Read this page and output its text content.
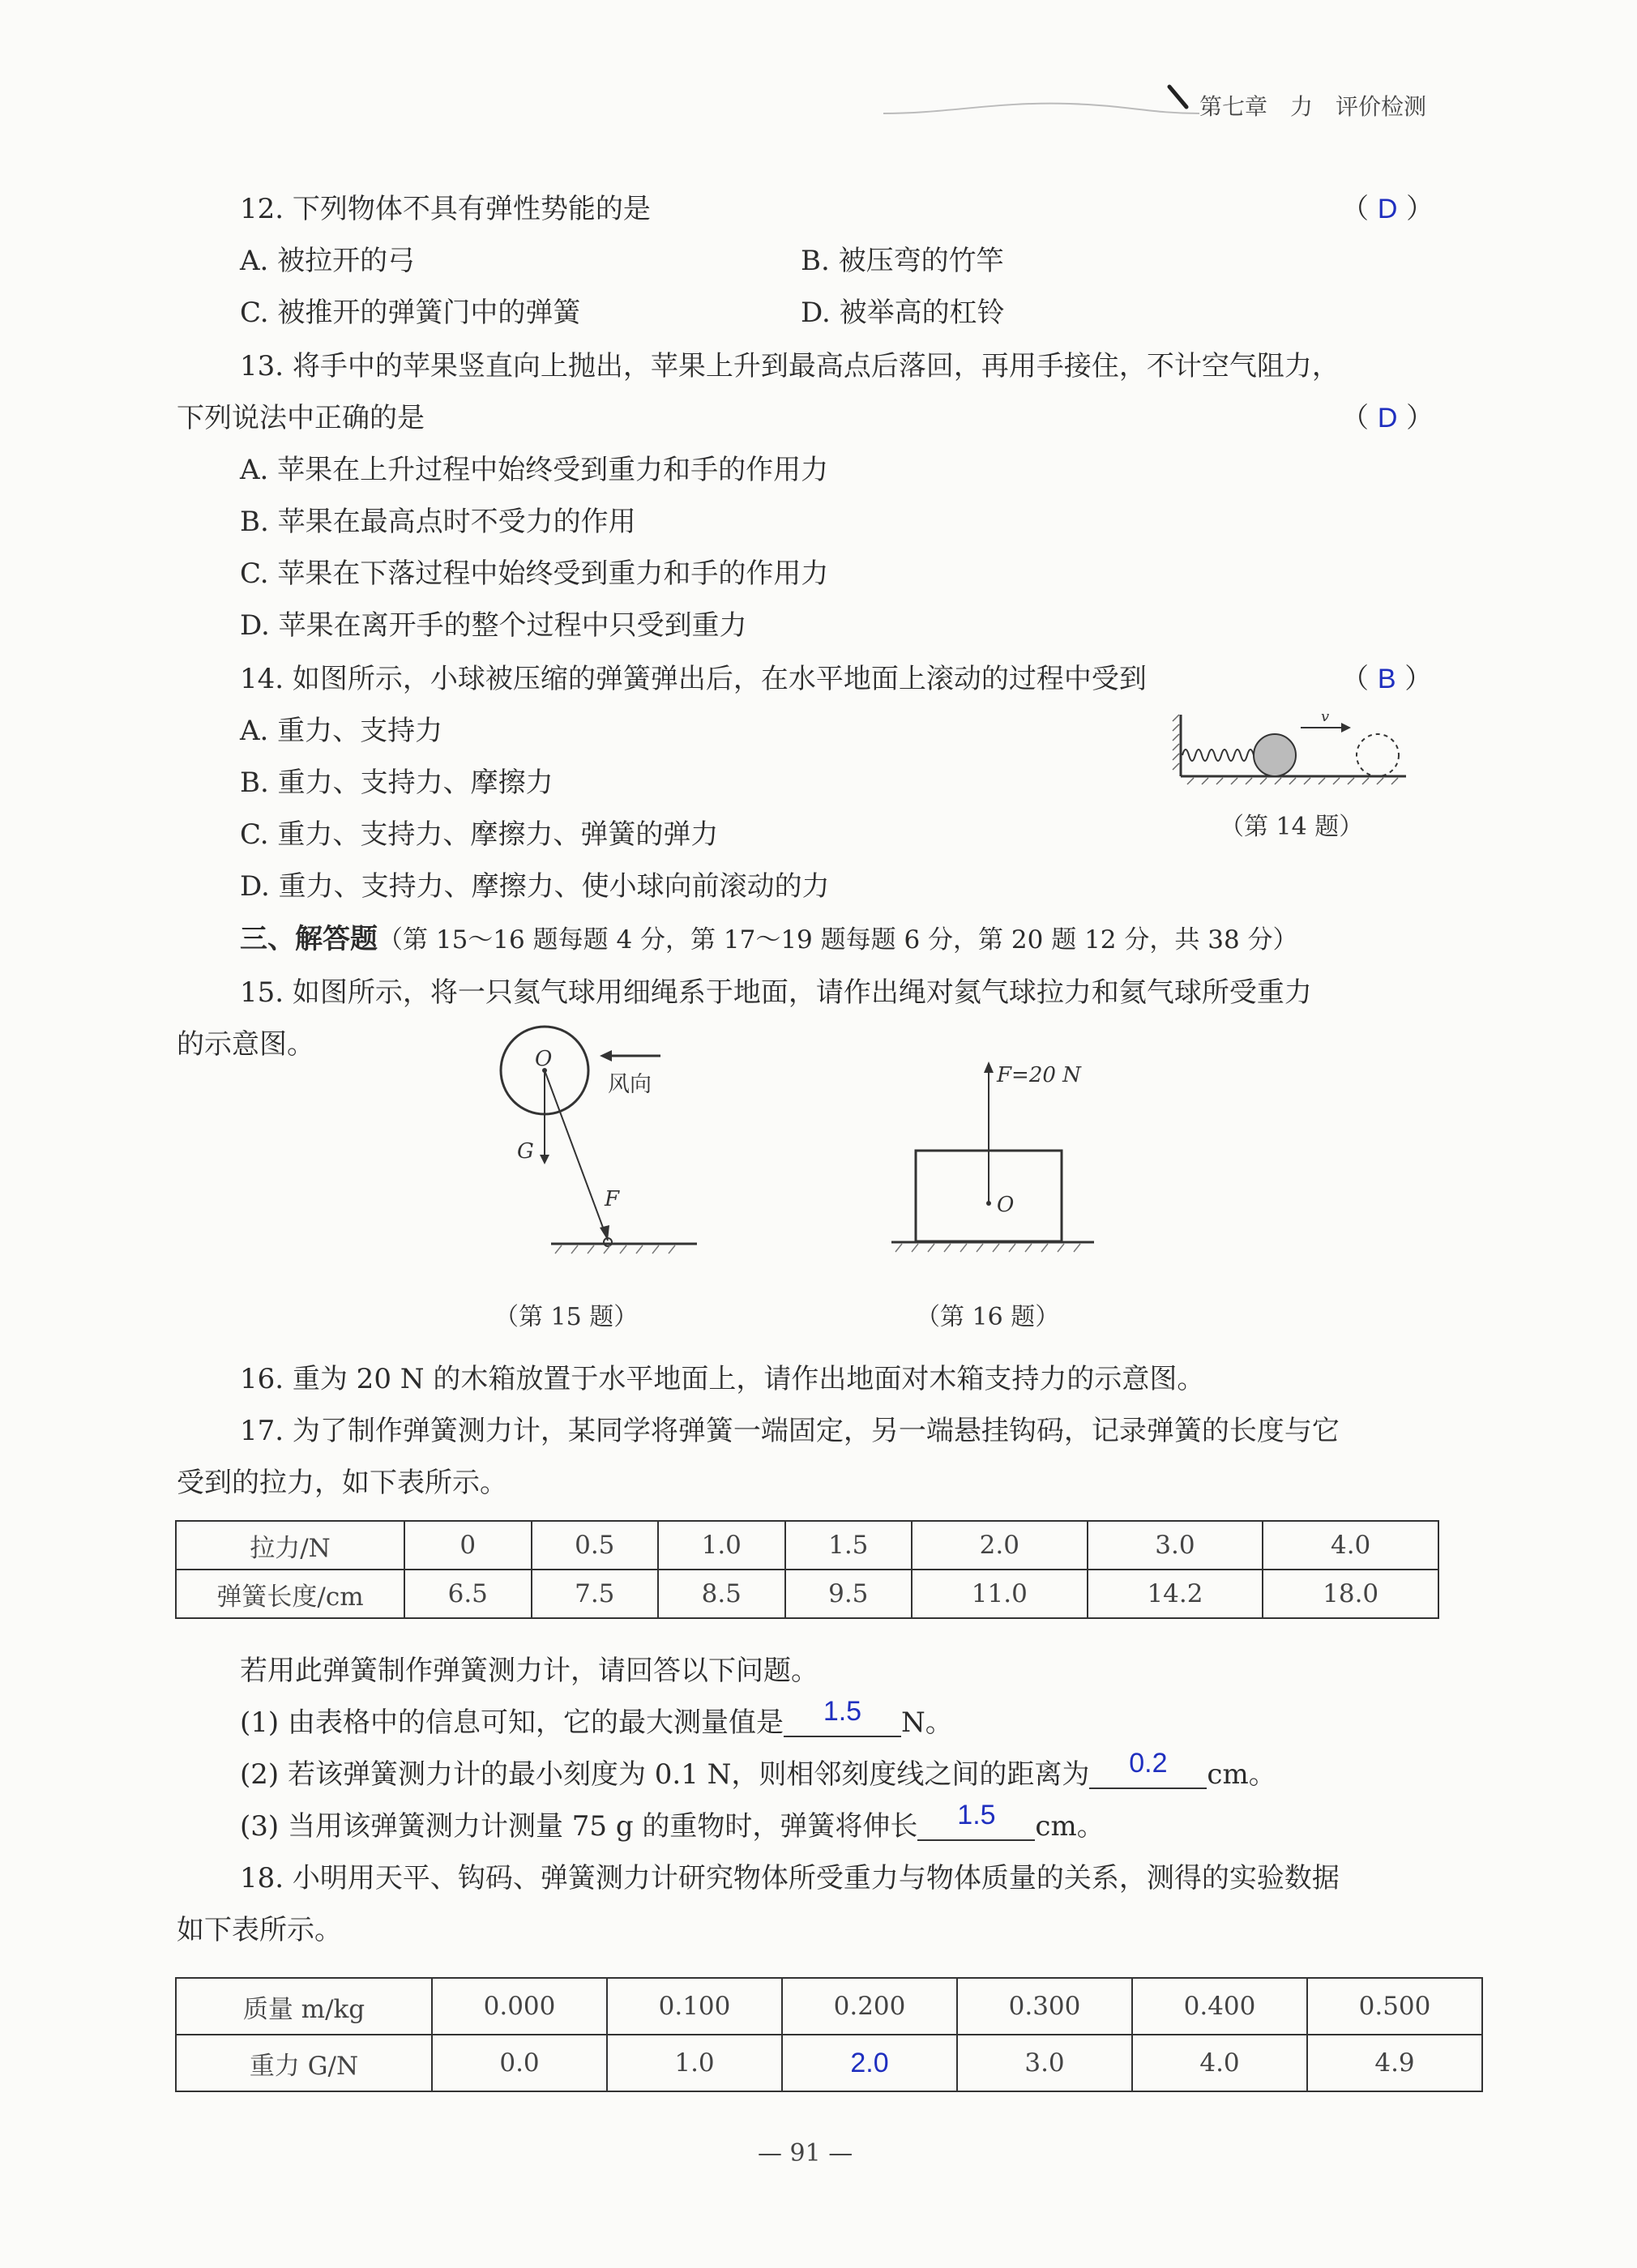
第七章　力　评价检测
12. 下列物体不具有弹性势能的是	（ D ）
A. 被拉开的弓	B. 被压弯的竹竿
C. 被推开的弹簧门中的弹簧	D. 被举高的杠铃
13. 将手中的苹果竖直向上抛出，苹果上升到最高点后落回，再用手接住，不计空气阻力，
下列说法中正确的是	（ D ）
A. 苹果在上升过程中始终受到重力和手的作用力
B. 苹果在最高点时不受力的作用
C. 苹果在下落过程中始终受到重力和手的作用力
D. 苹果在离开手的整个过程中只受到重力
14. 如图所示，小球被压缩的弹簧弹出后，在水平地面上滚动的过程中受到	（ B ）
A. 重力、支持力
B. 重力、支持力、摩擦力
C. 重力、支持力、摩擦力、弹簧的弹力
D. 重力、支持力、摩擦力、使小球向前滚动的力
v
（第 14 题）
三、解答题（第 15～16 题每题 4 分，第 17～19 题每题 6 分，第 20 题 12 分，共 38 分）
15. 如图所示，将一只氦气球用细绳系于地面，请作出绳对氦气球拉力和氦气球所受重力
的示意图。	O
风向
G
F
（第 15 题）
F=20 N
O
（第 16 题）
16. 重为 20 N 的木箱放置于水平地面上，请作出地面对木箱支持力的示意图。
17. 为了制作弹簧测力计，某同学将弹簧一端固定，另一端悬挂钩码，记录弹簧的长度与它
受到的拉力，如下表所示。
拉力/N	0	0.5	1.0	1.5	2.0	3.0	4.0
弹簧长度/cm	6.5	7.5	8.5	9.5	11.0	14.2	18.0
若用此弹簧制作弹簧测力计，请回答以下问题。
(1) 由表格中的信息可知，它的最大测量值是 1.5 N。
(2) 若该弹簧测力计的最小刻度为 0.1 N，则相邻刻度线之间的距离为 0.2 cm。
(3) 当用该弹簧测力计测量 75 g 的重物时，弹簧将伸长 1.5 cm。
18. 小明用天平、钩码、弹簧测力计研究物体所受重力与物体质量的关系，测得的实验数据
如下表所示。
质量 m/kg	0.000	0.100	0.200	0.300	0.400	0.500
重力 G/N	0.0	1.0	2.0	3.0	4.0	4.9
— 91 —
